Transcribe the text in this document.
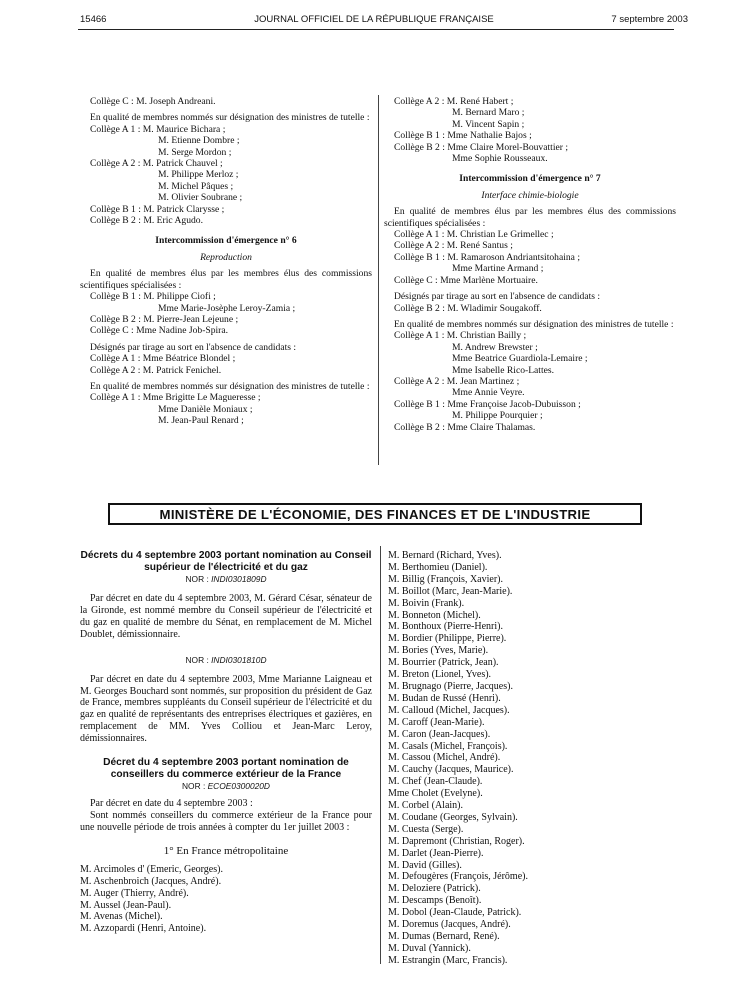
15466	JOURNAL OFFICIEL DE LA RÉPUBLIQUE FRANÇAISE	7 septembre 2003

Collège C : M. Joseph Andreani.

En qualité de membres nommés sur désignation des ministres de tutelle :

Collège A 1 : M. Maurice Bichara ;
M. Etienne Dombre ;
M. Serge Mordon ;
Collège A 2 : M. Patrick Chauvel ;
M. Philippe Merloz ;
M. Michel Pâques ;
M. Olivier Soubrane ;
Collège B 1 : M. Patrick Clarysse ;
Collège B 2 : M. Eric Agudo.
Intercommission d'émergence n° 6
Reproduction

En qualité de membres élus par les membres élus des commissions scientifiques spécialisées :

Collège B 1 : M. Philippe Ciofi ;
Mme Marie-Josèphe Leroy-Zamia ;
Collège B 2 : M. Pierre-Jean Lejeune ;
Collège C : Mme Nadine Job-Spira.

Désignés par tirage au sort en l'absence de candidats :

Collège A 1 : Mme Béatrice Blondel ;
Collège A 2 : M. Patrick Fenichel.

En qualité de membres nommés sur désignation des ministres de tutelle :

Collège A 1 : Mme Brigitte Le Magueresse ;
Mme Danièle Moniaux ;
M. Jean-Paul Renard ;
Collège A 2 : M. René Habert ;
M. Bernard Maro ;
M. Vincent Sapin ;
Collège B 1 : Mme Nathalie Bajos ;
Collège B 2 : Mme Claire Morel-Bouvattier ;
Mme Sophie Rousseaux.
Intercommission d'émergence n° 7
Interface chimie-biologie

En qualité de membres élus par les membres élus des commissions scientifiques spécialisées :

Collège A 1 : M. Christian Le Grimellec ;
Collège A 2 : M. René Santus ;
Collège B 1 : M. Ramaroson Andriantsitohaina ;
Mme Martine Armand ;
Collège C : Mme Marlène Mortuaire.

Désignés par tirage au sort en l'absence de candidats :

Collège B 2 : M. Wladimir Sougakoff.

En qualité de membres nommés sur désignation des ministres de tutelle :

Collège A 1 : M. Christian Bailly ;
M. Andrew Brewster ;
Mme Beatrice Guardiola-Lemaire ;
Mme Isabelle Rico-Lattes.
Collège A 2 : M. Jean Martinez ;
Mme Annie Veyre.
Collège B 1 : Mme Françoise Jacob-Dubuisson ;
M. Philippe Pourquier ;
Collège B 2 : Mme Claire Thalamas.
MINISTÈRE DE L'ÉCONOMIE, DES FINANCES ET DE L'INDUSTRIE
Décrets du 4 septembre 2003 portant nomination au Conseil supérieur de l'électricité et du gaz
NOR : INDI0301809D

Par décret en date du 4 septembre 2003, M. Gérard César, sénateur de la Gironde, est nommé membre du Conseil supérieur de l'électricité et du gaz en qualité de membre du Sénat, en remplacement de M. Michel Doublet, démissionnaire.

NOR : INDI0301810D

Par décret en date du 4 septembre 2003, Mme Marianne Laigneau et M. Georges Bouchard sont nommés, sur proposition du président de Gaz de France, membres suppléants du Conseil supérieur de l'électricité et du gaz en qualité de représentants des entreprises électriques et gazières, en remplacement de MM. Yves Colliou et Jean-Marc Leroy, démissionnaires.

Décret du 4 septembre 2003 portant nomination de conseillers du commerce extérieur de la France
NOR : ECOE0300020D

Par décret en date du 4 septembre 2003 :

Sont nommés conseillers du commerce extérieur de la France pour une nouvelle période de trois années à compter du 1er juillet 2003 :

1° En France métropolitaine
M. Arcimoles d' (Emeric, Georges).
M. Aschenbroich (Jacques, André).
M. Auger (Thierry, André).
M. Aussel (Jean-Paul).
M. Avenas (Michel).
M. Azzopardi (Henri, Antoine).
M. Bernard (Richard, Yves).
M. Berthomieu (Daniel).
M. Billig (François, Xavier).
M. Boillot (Marc, Jean-Marie).
M. Boivin (Frank).
M. Bonneton (Michel).
M. Bonthoux (Pierre-Henri).
M. Bordier (Philippe, Pierre).
M. Bories (Yves, Marie).
M. Bourrier (Patrick, Jean).
M. Breton (Lionel, Yves).
M. Brugnago (Pierre, Jacques).
M. Budan de Russé (Henri).
M. Calloud (Michel, Jacques).
M. Caroff (Jean-Marie).
M. Caron (Jean-Jacques).
M. Casals (Michel, François).
M. Cassou (Michel, André).
M. Cauchy (Jacques, Maurice).
M. Chef (Jean-Claude).
Mme Cholet (Evelyne).
M. Corbel (Alain).
M. Coudane (Georges, Sylvain).
M. Cuesta (Serge).
M. Dapremont (Christian, Roger).
M. Darlet (Jean-Pierre).
M. David (Gilles).
M. Defougères (François, Jérôme).
M. Deloziere (Patrick).
M. Descamps (Benoît).
M. Dobol (Jean-Claude, Patrick).
M. Doremus (Jacques, André).
M. Dumas (Bernard, René).
M. Duval (Yannick).
M. Estrangin (Marc, Francis).
